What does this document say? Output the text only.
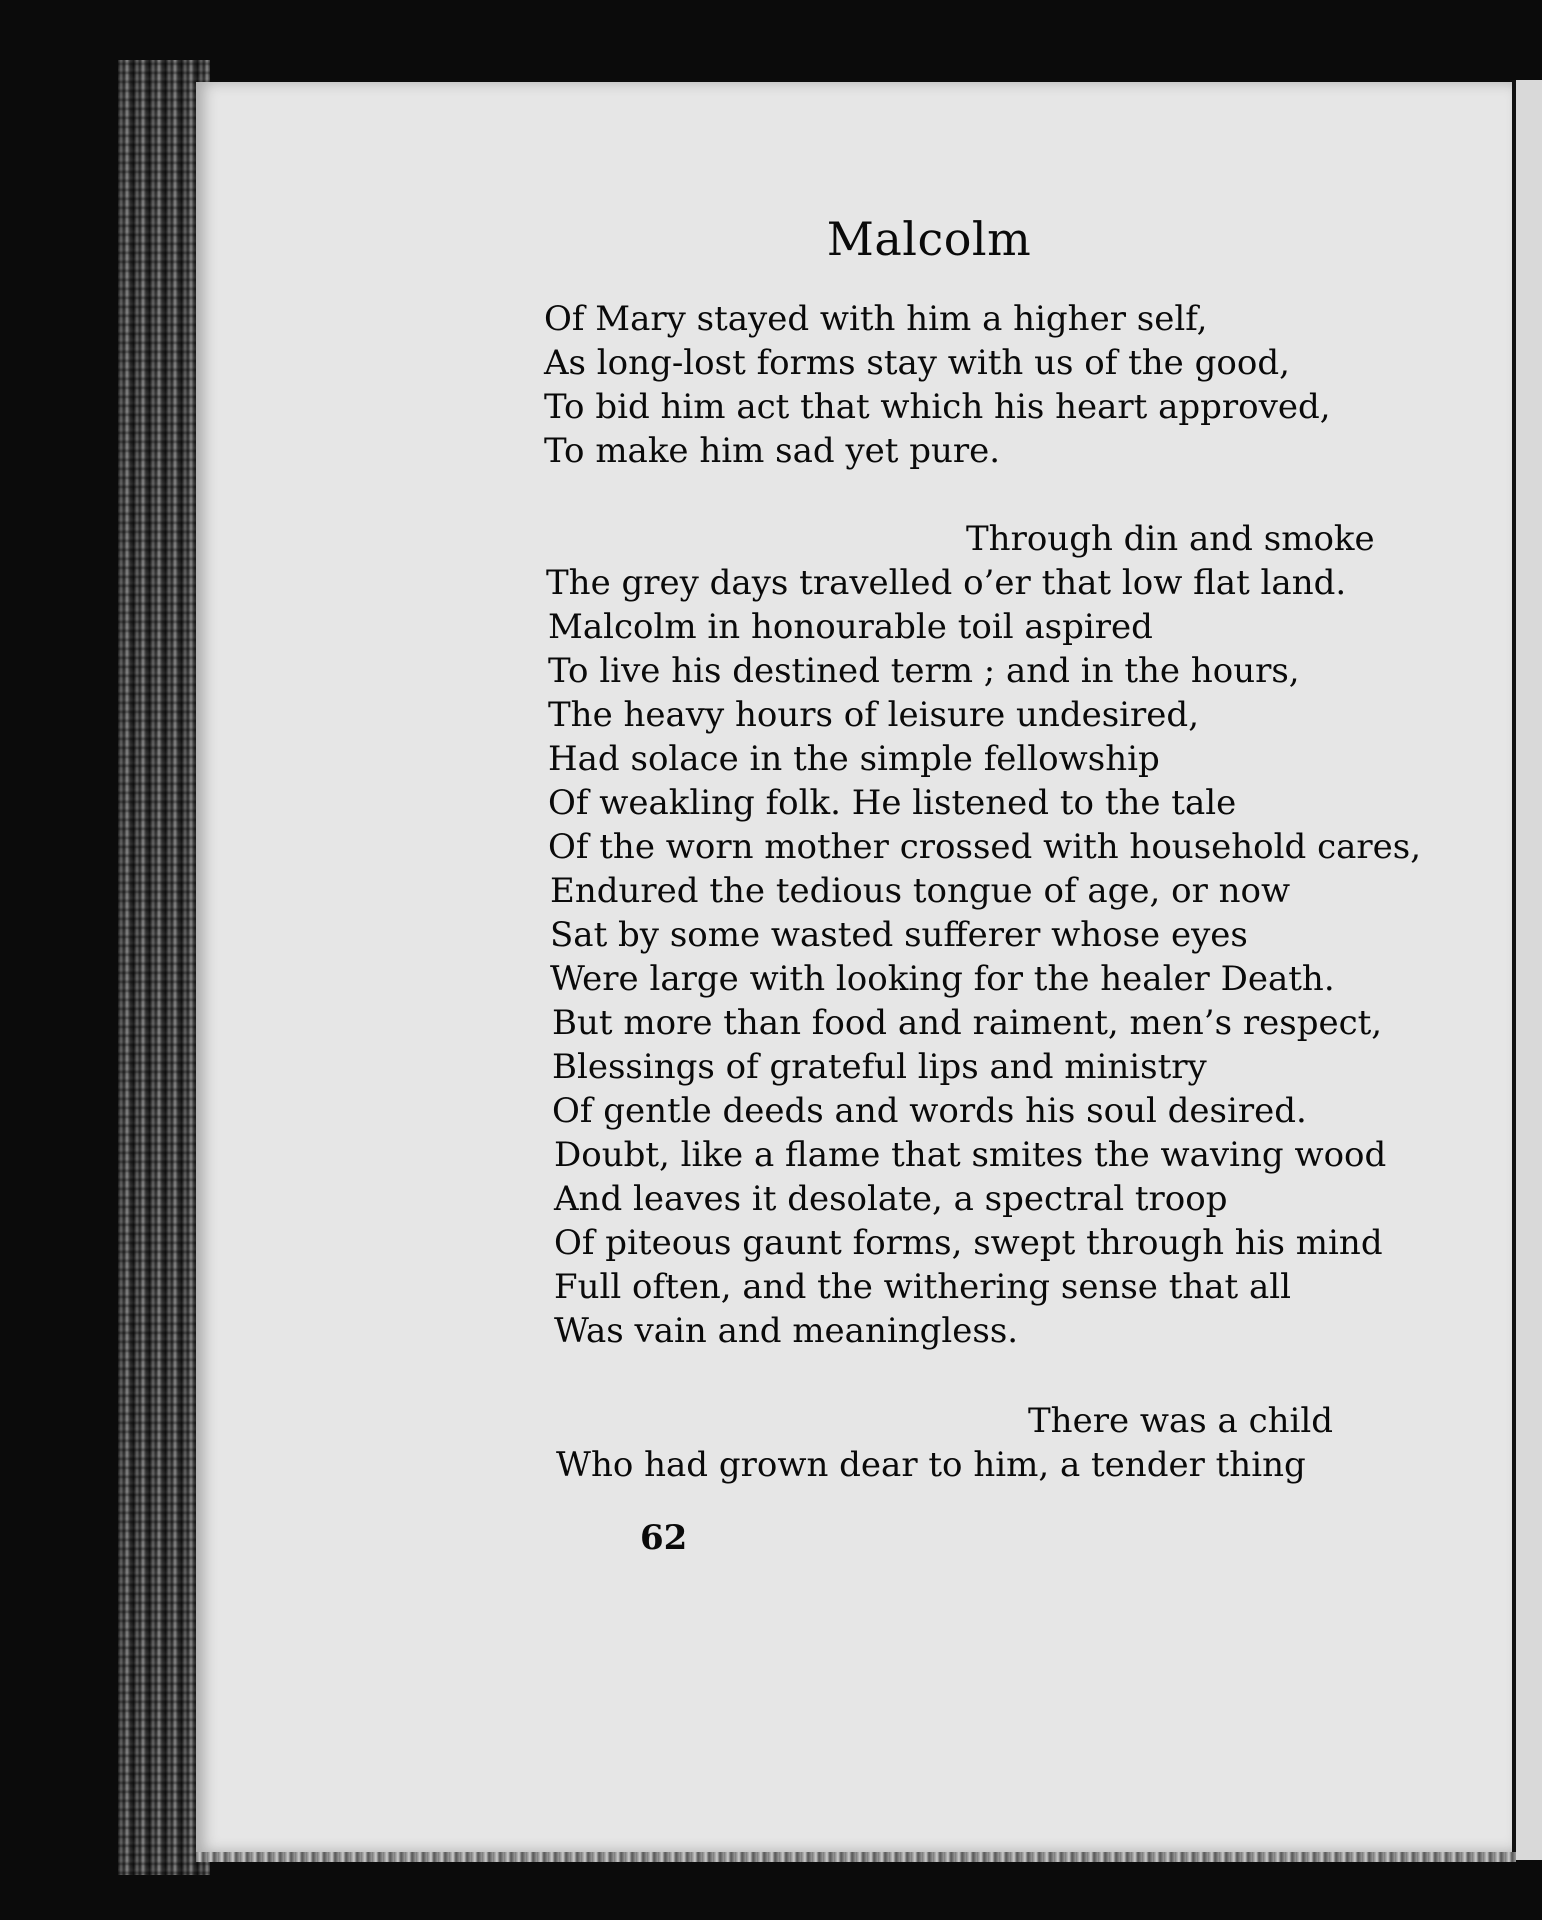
Malcolm
Of Mary stayed with him a higher self,
As long-lost forms stay with us of the good,
To bid him act that which his heart approved,
To make him sad yet pure.
Through din and smoke
The grey days travelled o’er that low flat land.
Malcolm in honourable toil aspired
To live his destined term ; and in the hours,
The heavy hours of leisure undesired,
Had solace in the simple fellowship
Of weakling folk. He listened to the tale
Of the worn mother crossed with household cares,
Endured the tedious tongue of age, or now
Sat by some wasted sufferer whose eyes
Were large with looking for the healer Death.
But more than food and raiment, men’s respect,
Blessings of grateful lips and ministry
Of gentle deeds and words his soul desired.
Doubt, like a flame that smites the waving wood
And leaves it desolate, a spectral troop
Of piteous gaunt forms, swept through his mind
Full often, and the withering sense that all
Was vain and meaningless.
There was a child
Who had grown dear to him, a tender thing
62
